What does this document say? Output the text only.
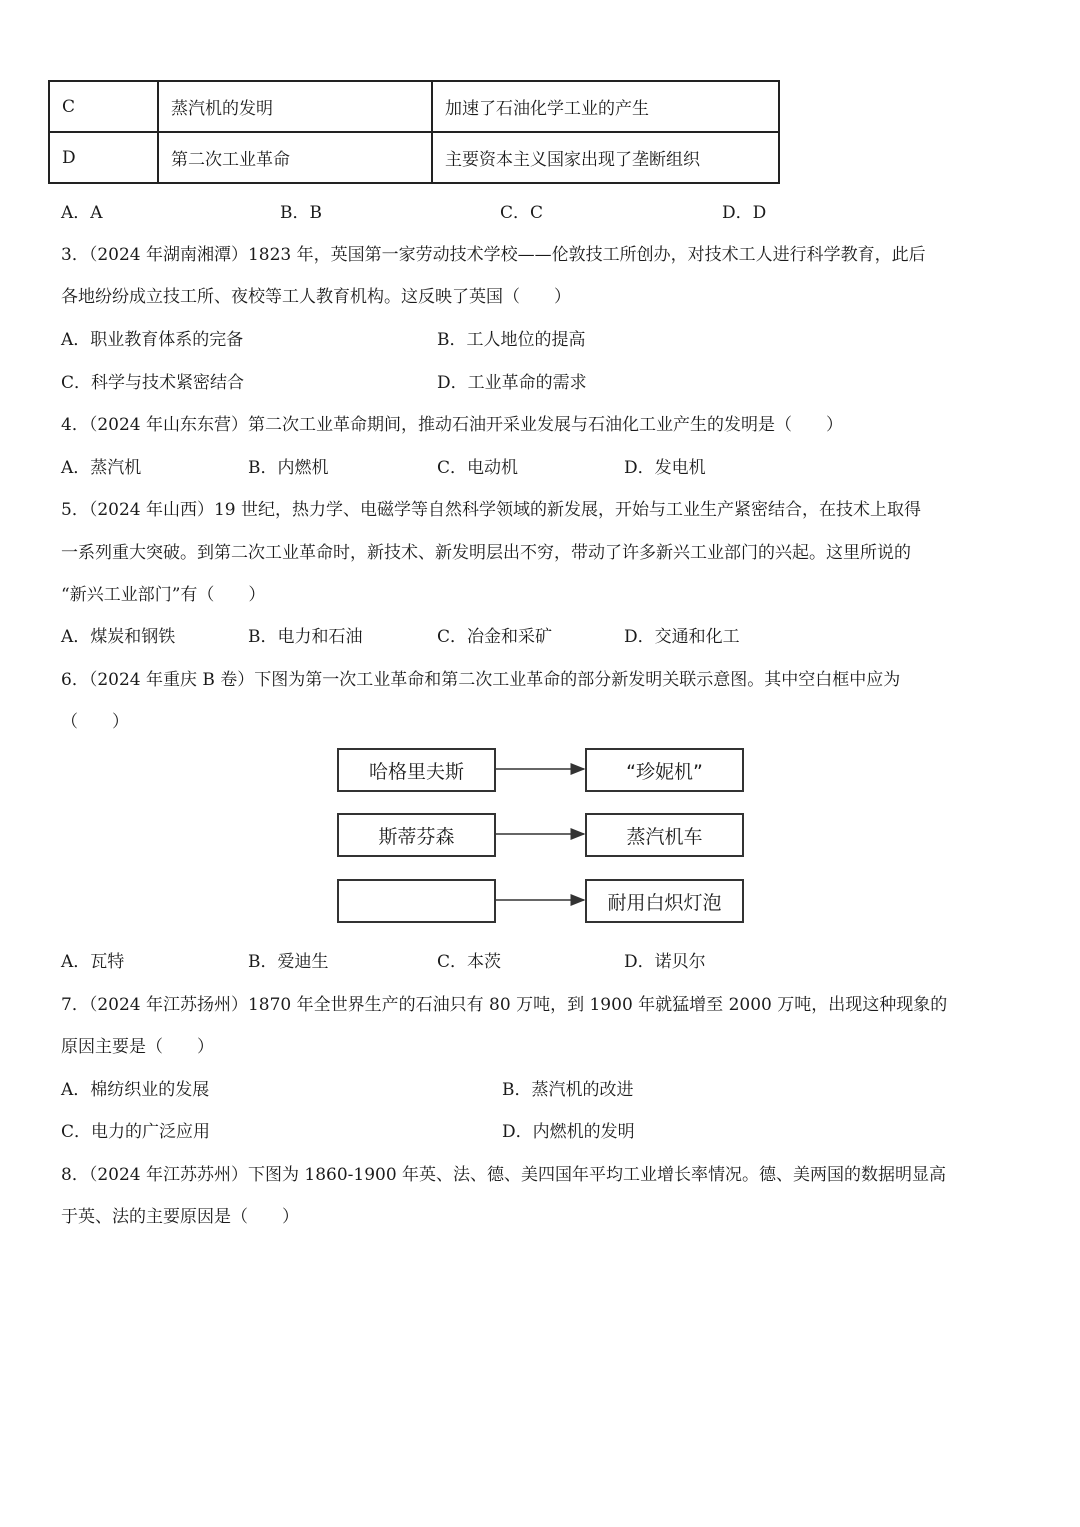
C	蒸汽机的发明	加速了石油化学工业的产生
D	第二次工业革命	主要资本主义国家出现了垄断组织
A．A	B．B	C．C	D．D
3．（2024 年湖南湘潭）1823 年，英国第一家劳动技术学校——伦敦技工所创办，对技术工人进行科学教育，此后
各地纷纷成立技工所、夜校等工人教育机构。这反映了英国（　　）
A．职业教育体系的完备	B．工人地位的提高
C．科学与技术紧密结合	D．工业革命的需求
4．（2024 年山东东营）第二次工业革命期间，推动石油开采业发展与石油化工业产生的发明是（　　）
A．蒸汽机	B．内燃机	C．电动机	D．发电机
5．（2024 年山西）19 世纪，热力学、电磁学等自然科学领域的新发展，开始与工业生产紧密结合，在技术上取得
一系列重大突破。到第二次工业革命时，新技术、新发明层出不穷，带动了许多新兴工业部门的兴起。这里所说的
“新兴工业部门”有（　　）
A．煤炭和钢铁	B．电力和石油	C．冶金和采矿	D．交通和化工
6．（2024 年重庆 B 卷）下图为第一次工业革命和第二次工业革命的部分新发明关联示意图。其中空白框中应为
（　　）
哈格里夫斯
斯蒂芬森
“珍妮机”
蒸汽机车
耐用白炽灯泡
A．瓦特	B．爱迪生	C．本茨	D．诺贝尔
7．（2024 年江苏扬州）1870 年全世界生产的石油只有 80 万吨，到 1900 年就猛增至 2000 万吨，出现这种现象的
原因主要是（　　）
A．棉纺织业的发展	B．蒸汽机的改进
C．电力的广泛应用	D．内燃机的发明
8．（2024 年江苏苏州）下图为 1860-1900 年英、法、德、美四国年平均工业增长率情况。德、美两国的数据明显高
于英、法的主要原因是（　　）
